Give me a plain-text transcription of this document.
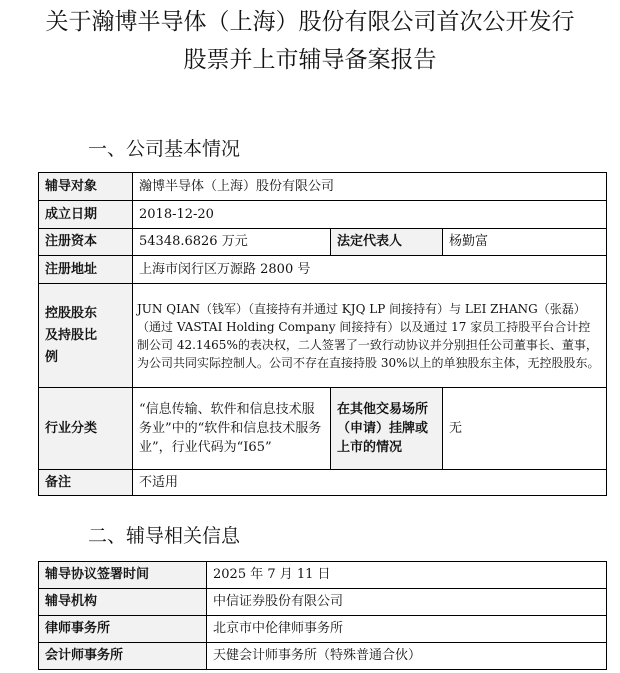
关于瀚博半导体（上海）股份有限公司首次公开发行
股票并上市辅导备案报告
一、公司基本情况
辅导对象	瀚博半导体（上海）股份有限公司		
成立日期	2018-12-20		
注册资本	54348.6826 万元	法定代表人	杨勤富
注册地址	上海市闵行区万源路 2800 号		
控股股东
及持股比
例	JUN QIAN（钱军）（直接持有并通过 KJQ LP 间接持有）与 LEI ZHANG（张磊）（通过 VASTAI Holding Company 间接持有）以及通过 17 家员工持股平台合计控制公司 42.1465%的表决权，二人签署了一致行动协议并分别担任公司董事长、董事，为公司共同实际控制人。公司不存在直接持股 30%以上的单独股东主体，无控股股东。		
行业分类	“信息传输、软件和信息技术服务业”中的“软件和信息技术服务业”，行业代码为“I65”	在其他交易场所（申请）挂牌或上市的情况	无
备注	不适用		
二、辅导相关信息
辅导协议签署时间	2025 年 7 月 11 日
辅导机构	中信证券股份有限公司
律师事务所	北京市中伦律师事务所
会计师事务所	天健会计师事务所（特殊普通合伙）
